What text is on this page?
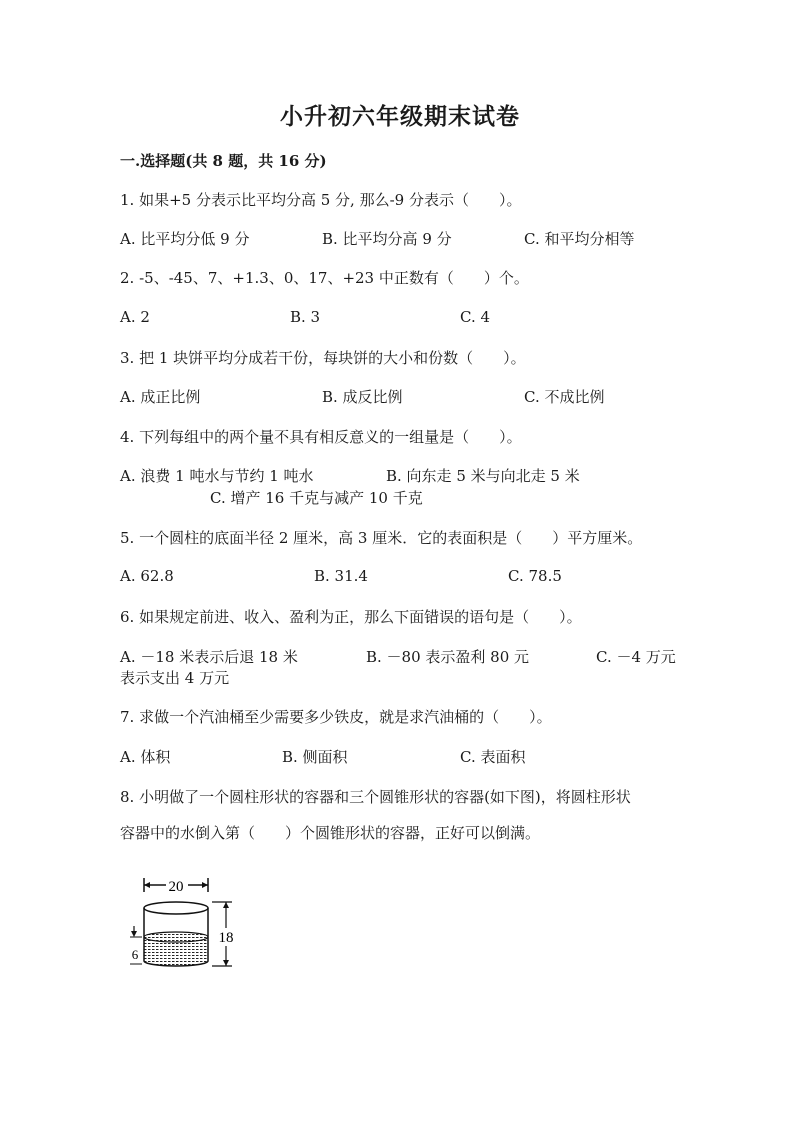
小升初六年级期末试卷
一.选择题(共 8 题，共 16 分)
1. 如果+5 分表示比平均分高 5 分, 那么-9 分表示（　　）。
A. 比平均分低 9 分	B. 比平均分高 9 分	C. 和平均分相等
2. -5、-45、7、+1.3、0、17、+23 中正数有（　　）个。
A. 2	B. 3	C. 4
3. 把 1 块饼平均分成若干份，每块饼的大小和份数（　　）。
A. 成正比例	B. 成反比例	C. 不成比例
4. 下列每组中的两个量不具有相反意义的一组量是（　　）。
A. 浪费 1 吨水与节约 1 吨水	B. 向东走 5 米与向北走 5 米
C. 增产 16 千克与减产 10 千克
5. 一个圆柱的底面半径 2 厘米，高 3 厘米．它的表面积是（　　）平方厘米。
A. 62.8	B. 31.4	C. 78.5
6. 如果规定前进、收入、盈利为正，那么下面错误的语句是（　　）。
A. －18 米表示后退 18 米	B. －80 表示盈利 80 元	C. －4 万元
表示支出 4 万元
7. 求做一个汽油桶至少需要多少铁皮，就是求汽油桶的（　　）。
A. 体积	B. 侧面积	C. 表面积
8. 小明做了一个圆柱形状的容器和三个圆锥形状的容器(如下图)，将圆柱形状
容器中的水倒入第（　　）个圆锥形状的容器，正好可以倒满。
20
18
6
